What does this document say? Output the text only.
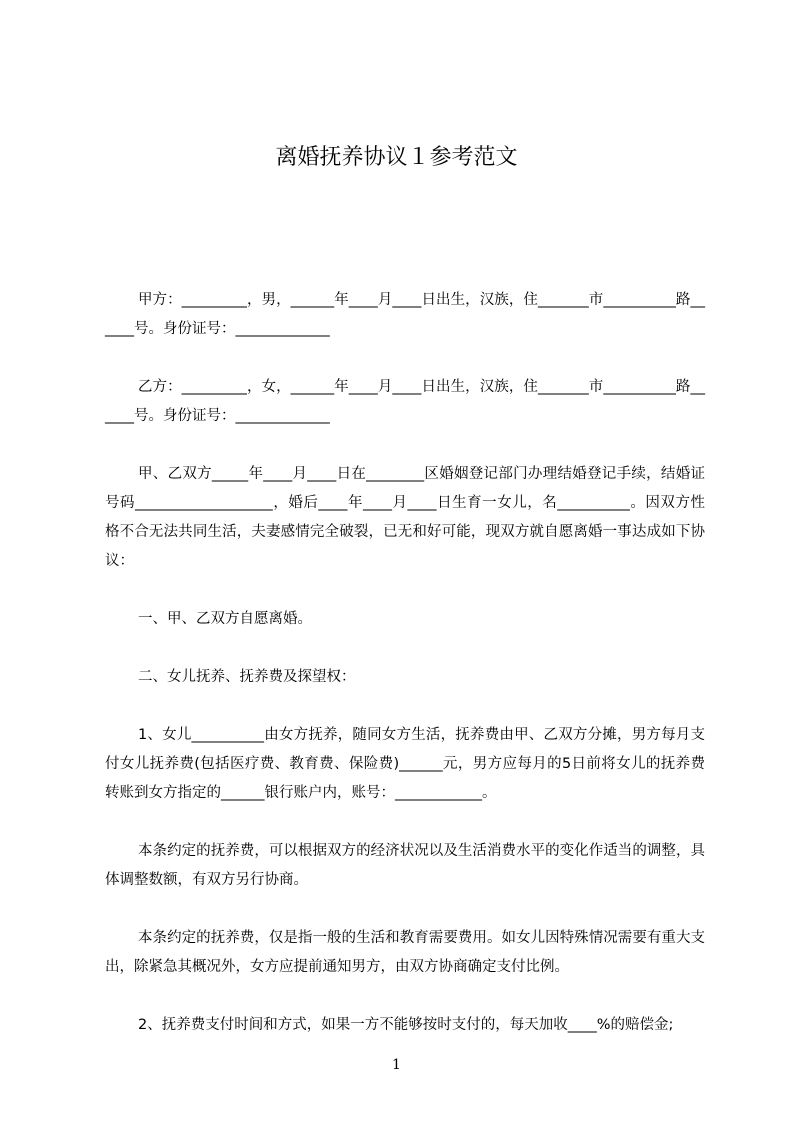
离婚抚养协议１参考范文

甲方：_________，男，______年____月____日出生，汉族，住_______市__________路______号。身份证号：_____________

乙方：_________，女，______年____月____日出生，汉族，住_______市__________路______号。身份证号：_____________

甲、乙双方_____年____月____日在________区婚姻登记部门办理结婚登记手续，结婚证号码___________________，婚后____年____月____日生育一女儿，名__________。因双方性格不合无法共同生活，夫妻感情完全破裂，已无和好可能，现双方就自愿离婚一事达成如下协议：

一、甲、乙双方自愿离婚。

二、女儿抚养、抚养费及探望权：

1、女儿__________由女方抚养，随同女方生活，抚养费由甲、乙双方分摊，男方每月支付女儿抚养费(包括医疗费、教育费、保险费)______元，男方应每月的5日前将女儿的抚养费转账到女方指定的______银行账户内，账号：____________。

本条约定的抚养费，可以根据双方的经济状况以及生活消费水平的变化作适当的调整，具体调整数额，有双方另行协商。

本条约定的抚养费，仅是指一般的生活和教育需要费用。如女儿因特殊情况需要有重大支出，除紧急其概况外，女方应提前通知男方，由双方协商确定支付比例。

2、抚养费支付时间和方式，如果一方不能够按时支付的，每天加收____%的赔偿金;

1
